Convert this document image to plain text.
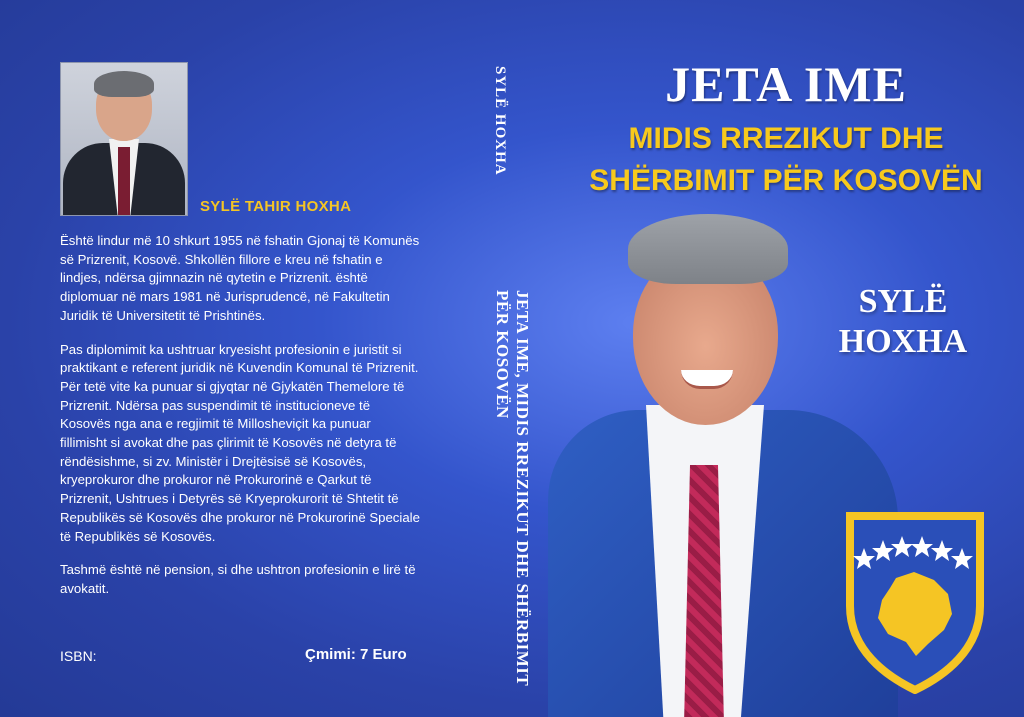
SYLË TAHIR HOXHA

Është lindur më 10 shkurt 1955 në fshatin Gjonaj të Komunës së Prizrenit, Kosovë. Shkollën fillore e kreu në fshatin e lindjes, ndërsa gjimnazin në qytetin e Prizrenit. është diplomuar në mars 1981 në Jurisprudencë, në Fakultetin Juridik të Universitetit të Prishtinës.

Pas diplomimit ka ushtruar kryesisht profesionin e juristit si praktikant e referent juridik në Kuvendin Komunal të Prizrenit. Për tetë vite ka punuar si gjyqtar në Gjykatën Themelore të Prizrenit. Ndërsa pas suspendimit të institucioneve të Kosovës nga ana e regjimit të Millosheviçit ka punuar fillimisht si avokat dhe pas çlirimit të Kosovës në detyra të rëndësishme, si zv. Ministër i Drejtësisë së Kosovës, kryeprokuror dhe prokuror në Prokurorinë e Qarkut të Prizrenit, Ushtrues i Detyrës së Kryeprokurorit të Shtetit të Republikës së Kosovës dhe prokuror në Prokurorinë Speciale të Republikës së Kosovës.

Tashmë është në pension, si dhe ushtron profesionin e lirë të avokatit.

ISBN:	Çmimi: 7 Euro
SYLË HOXHA
JETA IME, MIDIS RREZIKUT DHE SHËRBIMIT PËR KOSOVËN
JETA IME
MIDIS RREZIKUT DHE
SHËRBIMIT PËR KOSOVËN
SYLË
HOXHA
